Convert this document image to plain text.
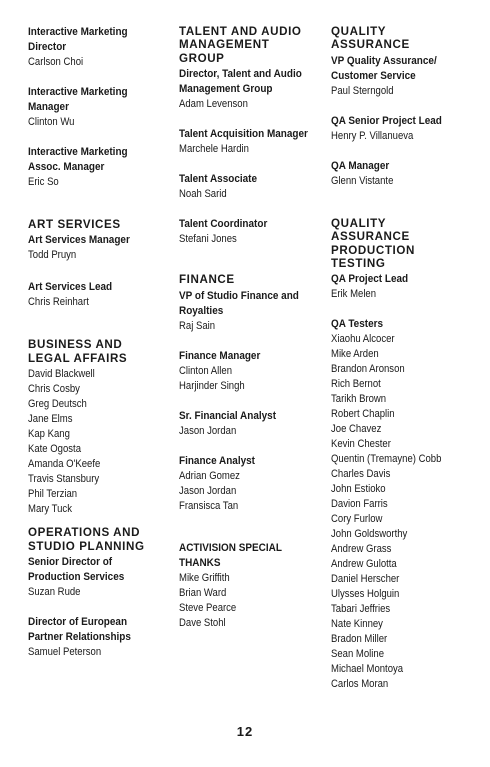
Interactive Marketing

Director

Carlson Choi

Interactive Marketing

Manager

Clinton Wu

Interactive Marketing

Assoc. Manager

Eric So

ART SERVICES

Art Services Manager

Todd Pruyn

Art Services Lead

Chris Reinhart

BUSINESS AND

LEGAL AFFAIRS

David Blackwell

Chris Cosby

Greg Deutsch

Jane Elms

Kap Kang

Kate Ogosta

Amanda O'Keefe

Travis Stansbury

Phil Terzian

Mary Tuck

OPERATIONS AND

STUDIO PLANNING

Senior Director of

Production Services

Suzan Rude

Director of European

Partner Relationships

Samuel Peterson

TALENT AND AUDIO

MANAGEMENT

GROUP

Director, Talent and Audio

Management Group

Adam Levenson

Talent Acquisition Manager

Marchele Hardin

Talent Associate

Noah Sarid

Talent Coordinator

Stefani Jones

FINANCE

VP of Studio Finance and

Royalties

Raj Sain

Finance Manager

Clinton Allen

Harjinder Singh

Sr. Financial Analyst

Jason Jordan

Finance Analyst

Adrian Gomez

Jason Jordan

Fransisca Tan

ACTIVISION SPECIAL

THANKS

Mike Griffith

Brian Ward

Steve Pearce

Dave Stohl

QUALITY

ASSURANCE

VP Quality Assurance/

Customer Service

Paul Sterngold

QA Senior Project Lead

Henry P. Villanueva

QA Manager

Glenn Vistante

QUALITY

ASSURANCE

PRODUCTION

TESTING

QA Project Lead

Erik Melen

QA Testers

Xiaohu Alcocer

Mike Arden

Brandon Aronson

Rich Bernot

Tarikh Brown

Robert Chaplin

Joe Chavez

Kevin Chester

Quentin (Tremayne) Cobb

Charles Davis

John Estioko

Davion Farris

Cory Furlow

John Goldsworthy

Andrew Grass

Andrew Gulotta

Daniel Herscher

Ulysses Holguin

Tabari Jeffries

Nate Kinney

Bradon Miller

Sean Moline

Michael Montoya

Carlos Moran

12
